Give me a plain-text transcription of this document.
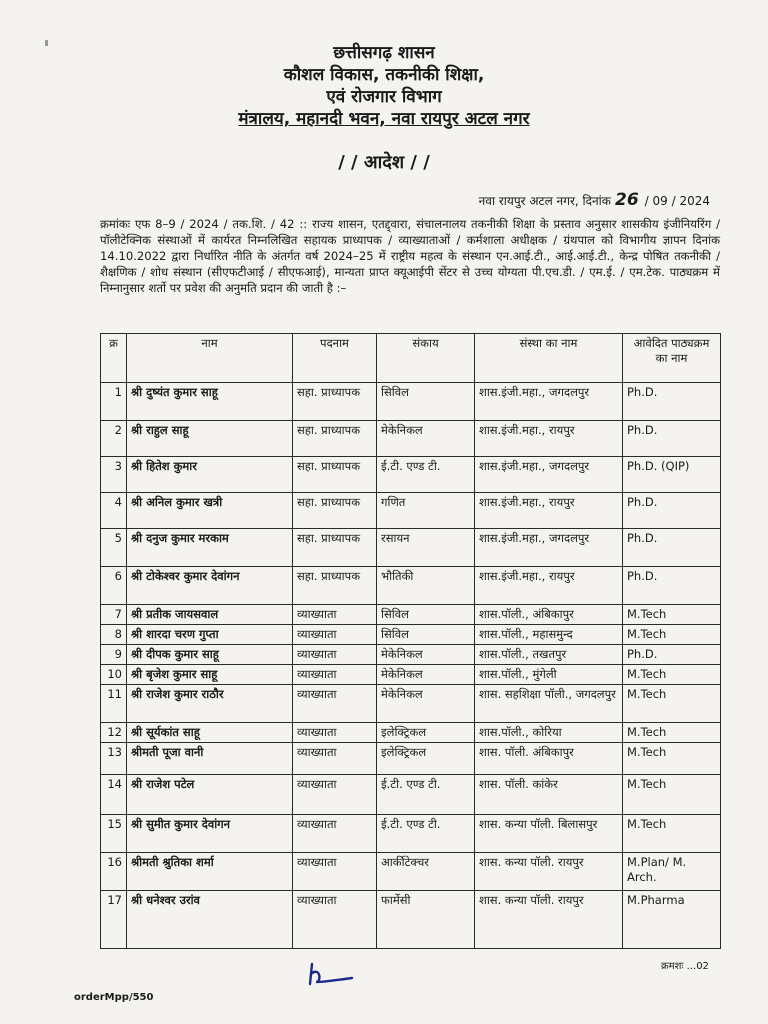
छत्तीसगढ़ शासन
कौशल विकास, तकनीकी शिक्षा,
एवं रोजगार विभाग
मंत्रालय, महानदी भवन, नवा रायपुर अटल नगर
/ / आदेश / /
नवा रायपुर अटल नगर, दिनांक 26 / 09 / 2024
क्रमांकः एफ 8–9 / 2024 / तक.शि. / 42 :: राज्य शासन, एतद्द्वारा, संचालनालय तकनीकी शिक्षा के प्रस्ताव अनुसार शासकीय इंजीनियरिंग / पॉलीटेक्निक संस्थाओं में कार्यरत निम्नलिखित सहायक प्राध्यापक / व्याख्याताओं / कर्मशाला अधीक्षक / ग्रंथपाल को विभागीय ज्ञापन दिनांक 14.10.2022 द्वारा निर्धारित नीति के अंतर्गत वर्ष 2024–25 में राष्ट्रीय महत्व के संस्थान एन.आई.टी., आई.आई.टी., केन्द्र पोषित तकनीकी / शैक्षणिक / शोध संस्थान (सीएफटीआई / सीएफआई), मान्यता प्राप्त क्यूआईपी सेंटर से उच्च योग्यता पी.एच.डी. / एम.ई. / एम.टेक. पाठ्यक्रम में निम्नानुसार शर्तो पर प्रवेश की अनुमति प्रदान की जाती है :–
क्र	नाम	पदनाम	संकाय	संस्था का नाम	आवेदित पाठ्यक्रम का नाम
1	श्री दुष्यंत कुमार साहू	सहा. प्राध्यापक	सिविल	शास.इंजी.महा., जगदलपुर	Ph.D.
2	श्री राहुल साहू	सहा. प्राध्यापक	मेकेनिकल	शास.इंजी.महा., रायपुर	Ph.D.
3	श्री हितेश कुमार	सहा. प्राध्यापक	ई.टी. एण्ड टी.	शास.इंजी.महा., जगदलपुर	Ph.D. (QIP)
4	श्री अनिल कुमार खत्री	सहा. प्राध्यापक	गणित	शास.इंजी.महा., रायपुर	Ph.D.
5	श्री दनुज कुमार मरकाम	सहा. प्राध्यापक	रसायन	शास.इंजी.महा., जगदलपुर	Ph.D.
6	श्री टोकेश्वर कुमार देवांगन	सहा. प्राध्यापक	भौतिकी	शास.इंजी.महा., रायपुर	Ph.D.
7	श्री प्रतीक जायसवाल	व्याख्याता	सिविल	शास.पॉली., अंबिकापुर	M.Tech
8	श्री शारदा चरण गुप्ता	व्याख्याता	सिविल	शास.पॉली., महासमुन्द	M.Tech
9	श्री दीपक कुमार साहू	व्याख्याता	मेकेनिकल	शास.पॉली., तखतपुर	Ph.D.
10	श्री बृजेश कुमार साहू	व्याख्याता	मेकेनिकल	शास.पॉली., मुंगेली	M.Tech
11	श्री राजेश कुमार राठौर	व्याख्याता	मेकेनिकल	शास. सहशिक्षा पॉली., जगदलपुर	M.Tech
12	श्री सूर्यकांत साहू	व्याख्याता	इलेक्ट्रिकल	शास.पॉली., कोरिया	M.Tech
13	श्रीमती पूजा वानी	व्याख्याता	इलेक्ट्रिकल	शास. पॉली. अंबिकापुर	M.Tech
14	श्री राजेश पटेल	व्याख्याता	ई.टी. एण्ड टी.	शास. पॉली. कांकेर	M.Tech
15	श्री सुमीत कुमार देवांगन	व्याख्याता	ई.टी. एण्ड टी.	शास. कन्या पॉली. बिलासपुर	M.Tech
16	श्रीमती श्रुतिका शर्मा	व्याख्याता	आर्कीटेक्चर	शास. कन्या पॉली. रायपुर	M.Plan/ M. Arch.
17	श्री धनेश्वर उरांव	व्याख्याता	फार्मेसी	शास. कन्या पॉली. रायपुर	M.Pharma
क्रमशः ...02
orderMpp/550
